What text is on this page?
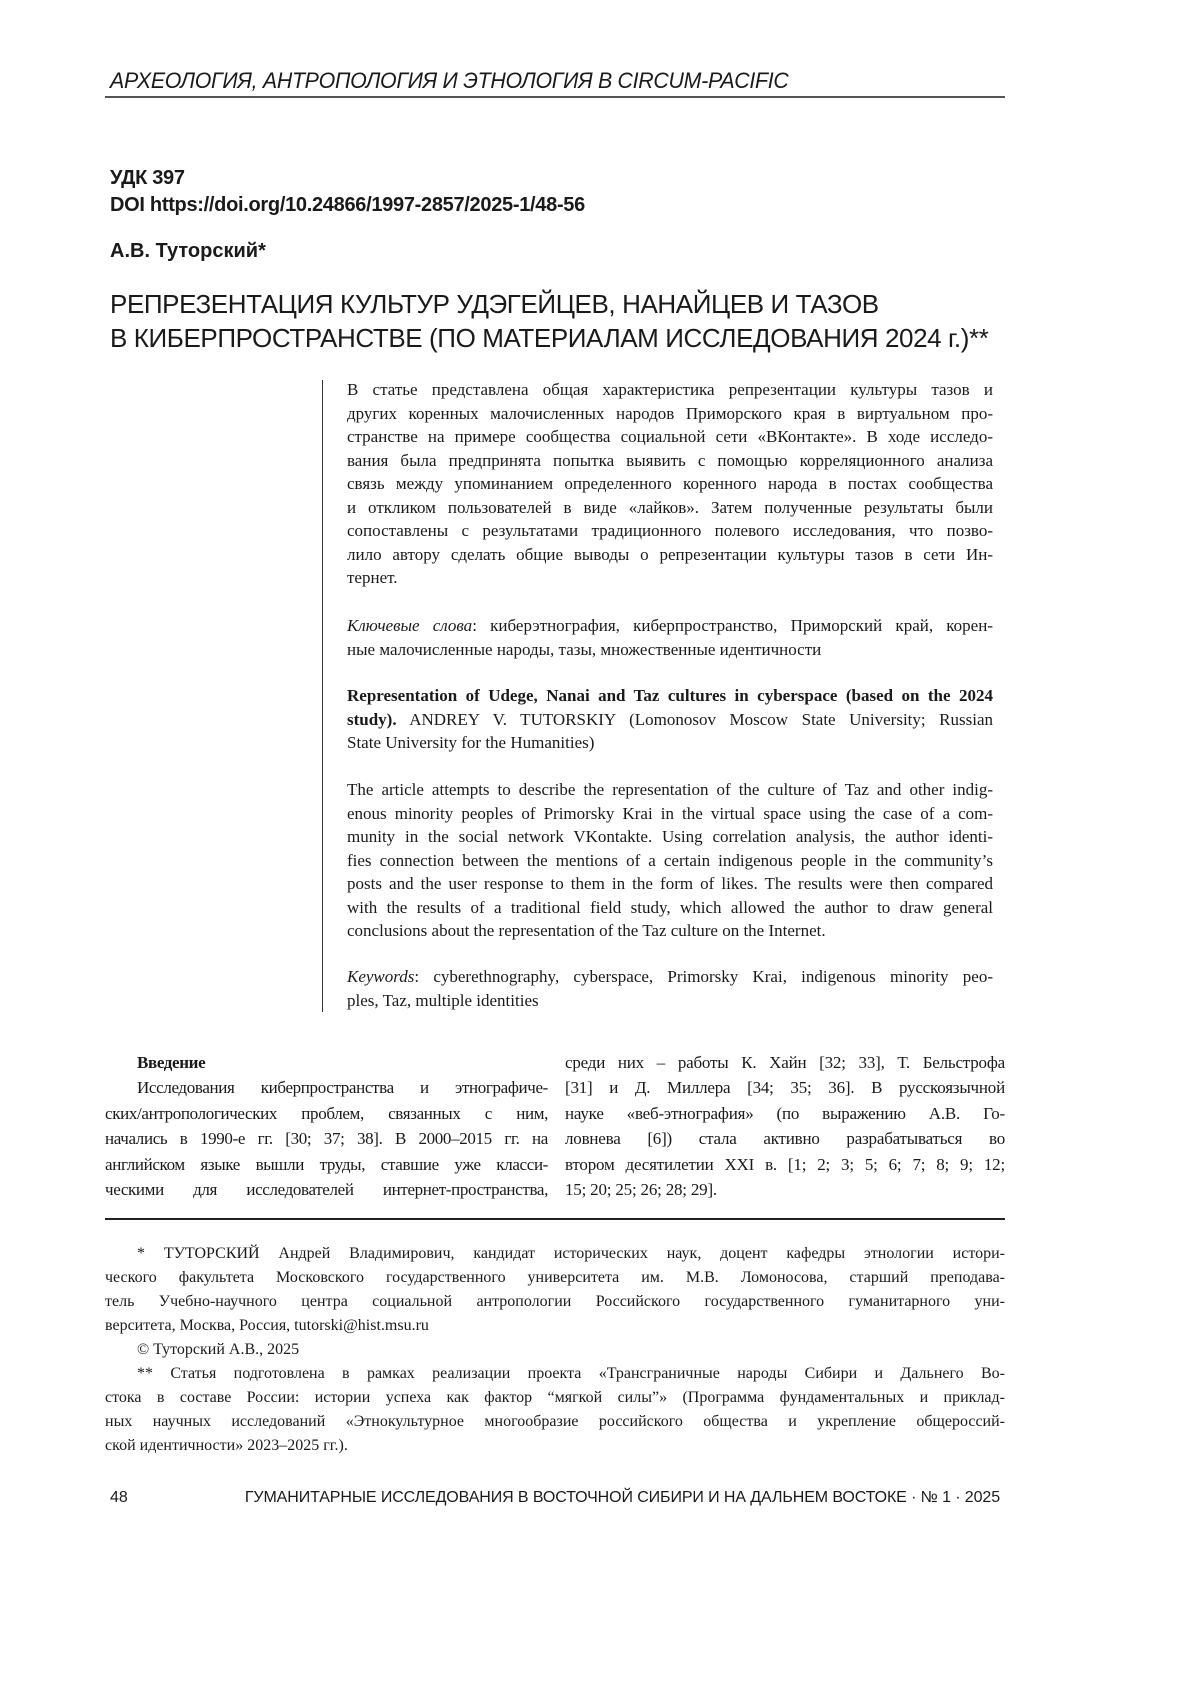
АРХЕОЛОГИЯ, АНТРОПОЛОГИЯ И ЭТНОЛОГИЯ В CIRCUM-PACIFIC
УДК 397
DOI https://doi.org/10.24866/1997-2857/2025-1/48-56
А.В. Туторский*
РЕПРЕЗЕНТАЦИЯ КУЛЬТУР УДЭГЕЙЦЕВ, НАНАЙЦЕВ И ТАЗОВ
В КИБЕРПРОСТРАНСТВЕ (ПО МАТЕРИАЛАМ ИССЛЕДОВАНИЯ 2024 г.)**
В статье представлена общая характеристика репрезентации культуры тазов и
других коренных малочисленных народов Приморского края в виртуальном про-
странстве на примере сообщества социальной сети «ВКонтакте». В ходе исследо-
вания была предпринята попытка выявить с помощью корреляционного анализа
связь между упоминанием определенного коренного народа в постах сообщества
и откликом пользователей в виде «лайков». Затем полученные результаты были
сопоставлены с результатами традиционного полевого исследования, что позво-
лило автору сделать общие выводы о репрезентации культуры тазов в сети Ин-
тернет.
Ключевые слова: киберэтнография, киберпространство, Приморский край, корен-
ные малочисленные народы, тазы, множественные идентичности
Representation of Udege, Nanai and Taz cultures in cyberspace (based on the 2024
study). ANDREY V. TUTORSKIY (Lomonosov Moscow State University; Russian
State University for the Humanities)
The article attempts to describe the representation of the culture of Taz and other indig-
enous minority peoples of Primorsky Krai in the virtual space using the case of a com-
munity in the social network VKontakte. Using correlation analysis, the author identi-
fies connection between the mentions of a certain indigenous people in the community’s
posts and the user response to them in the form of likes. The results were then compared
with the results of a traditional field study, which allowed the author to draw general
conclusions about the representation of the Taz culture on the Internet.
Keywords: cyberethnography, cyberspace, Primorsky Krai, indigenous minority peo-
ples, Taz, multiple identities
Введение
Исследования киберпространства и этнографиче-
ских/антропологических проблем, связанных с ним,
начались в 1990-е гг. [30; 37; 38]. В 2000–2015 гг. на
английском языке вышли труды, ставшие уже класси-
ческими для исследователей интернет-пространства,
среди них – работы К. Хайн [32; 33], Т. Бельстрофа
[31] и Д. Миллера [34; 35; 36]. В русскоязычной
науке «веб-этнография» (по выражению А.В. Го-
ловнева [6]) стала активно разрабатываться во
втором десятилетии XXI в. [1; 2; 3; 5; 6; 7; 8; 9; 12;
15; 20; 25; 26; 28; 29].
* ТУТОРСКИЙ Андрей Владимирович, кандидат исторических наук, доцент кафедры этнологии истори-
ческого факультета Московского государственного университета им. М.В. Ломоносова, старший преподава-
тель Учебно-научного центра социальной антропологии Российского государственного гуманитарного уни-
верситета, Москва, Россия, tutorski@hist.msu.ru
© Туторский А.В., 2025
** Статья подготовлена в рамках реализации проекта «Трансграничные народы Сибири и Дальнего Во-
стока в составе России: истории успеха как фактор “мягкой силы”» (Программа фундаментальных и приклад-
ных научных исследований «Этнокультурное многообразие российского общества и укрепление общероссий-
ской идентичности» 2023–2025 гг.).
48	ГУМАНИТАРНЫЕ ИССЛЕДОВАНИЯ В ВОСТОЧНОЙ СИБИРИ И НА ДАЛЬНЕМ ВОСТОКЕ · № 1 · 2025
